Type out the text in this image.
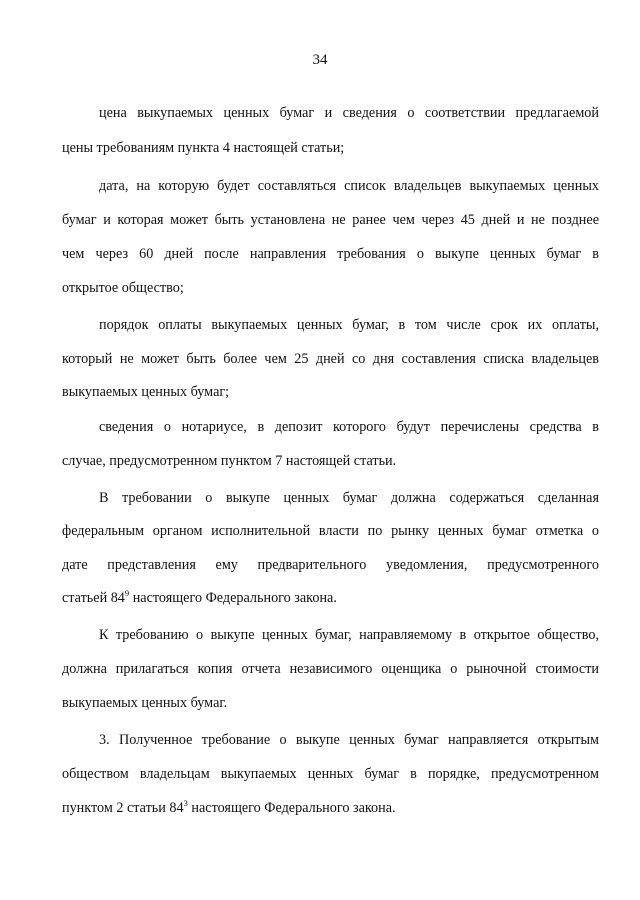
34
цена выкупаемых ценных бумаг и сведения о соответствии предлагаемой
цены требованиям пункта 4 настоящей статьи;
дата, на которую будет составляться список владельцев выкупаемых ценных
бумаг и которая может быть установлена не ранее чем через 45 дней и не позднее
чем через 60 дней после направления требования о выкупе ценных бумаг в
открытое общество;
порядок оплаты выкупаемых ценных бумаг, в том числе срок их оплаты,
который не может быть более чем 25 дней со дня составления списка владельцев
выкупаемых ценных бумаг;
сведения о нотариусе, в депозит которого будут перечислены средства в
случае, предусмотренном пунктом 7 настоящей статьи.
В требовании о выкупе ценных бумаг должна содержаться сделанная
федеральным органом исполнительной власти по рынку ценных бумаг отметка о
дате представления ему предварительного уведомления, предусмотренного
статьей $84^9$ настоящего Федерального закона.
К требованию о выкупе ценных бумаг, направляемому в открытое общество,
должна прилагаться копия отчета независимого оценщика о рыночной стоимости
выкупаемых ценных бумаг.
3. Полученное требование о выкупе ценных бумаг направляется открытым
обществом владельцам выкупаемых ценных бумаг в порядке, предусмотренном
пунктом 2 статьи $84^3$ настоящего Федерального закона.
